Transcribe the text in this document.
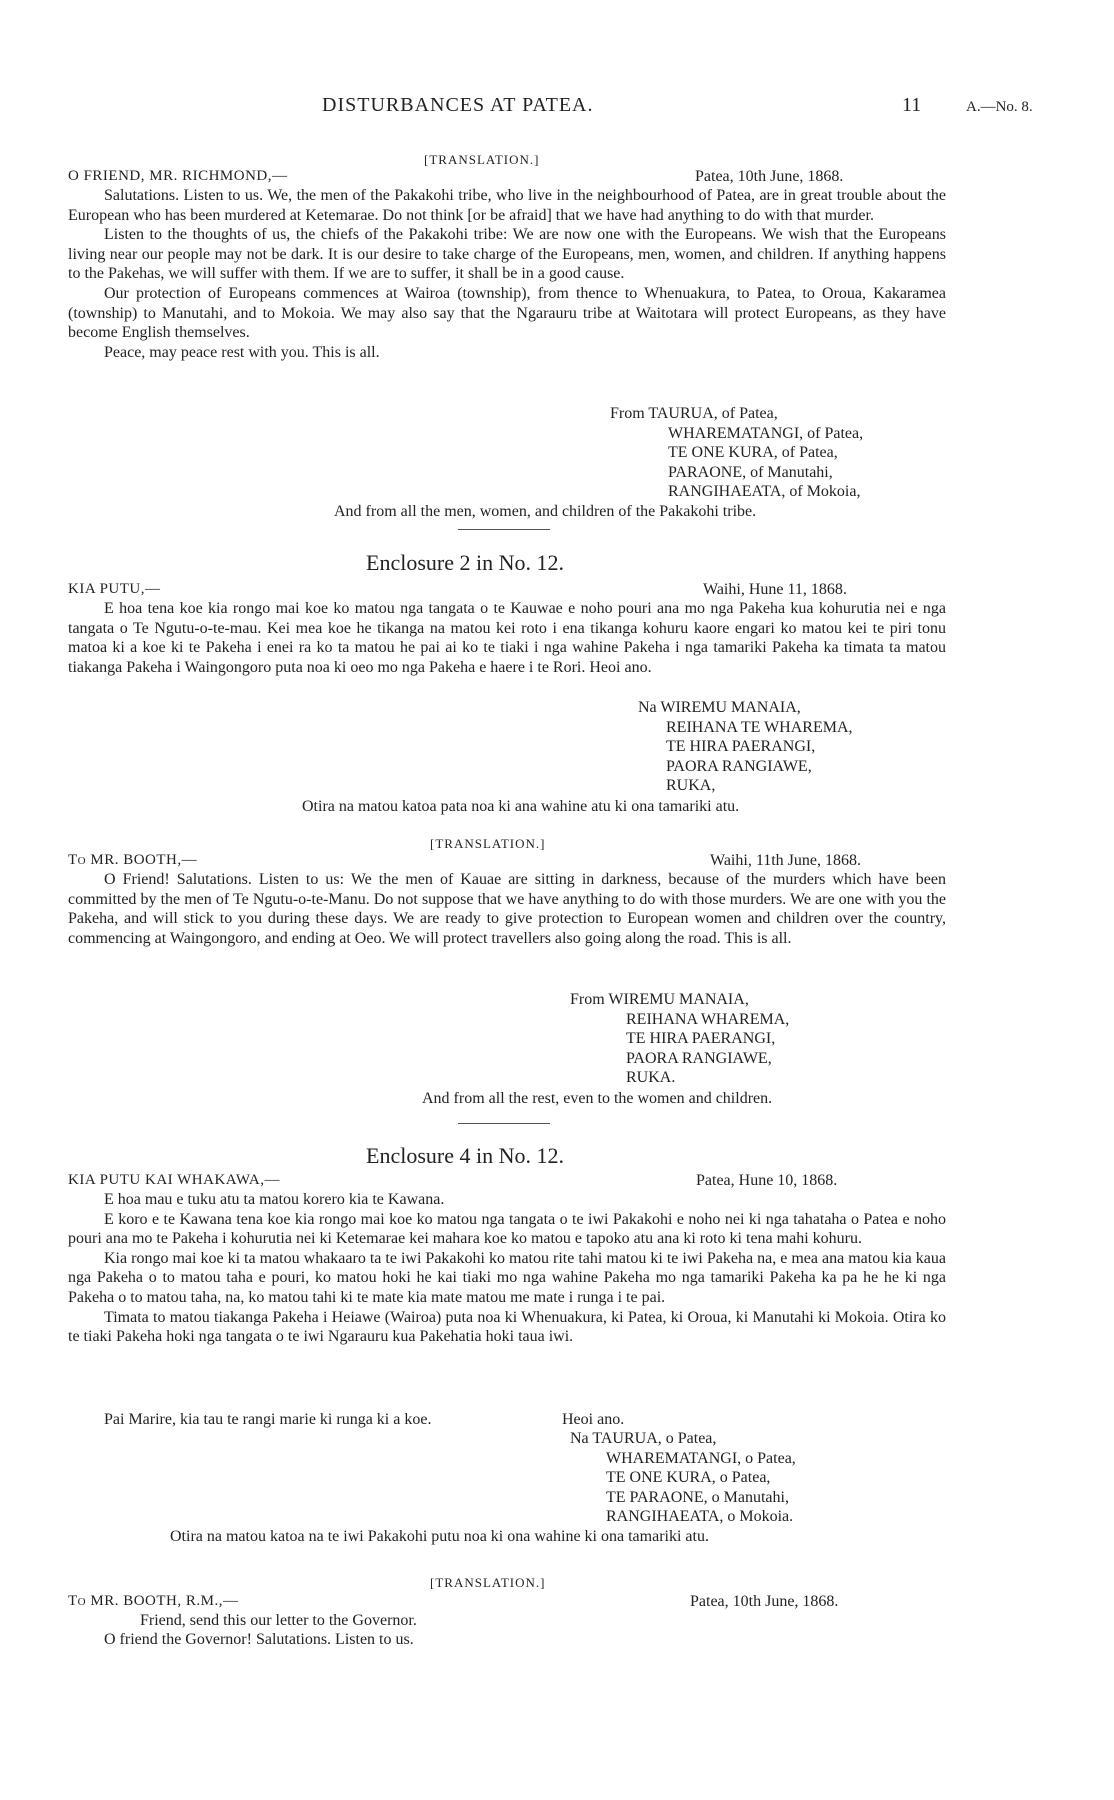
DISTURBANCES AT PATEA.	11	A.—No. 8.
[TRANSLATION.]
O FRIEND, MR. RICHMOND,—	Patea, 10th June, 1868.

Salutations. Listen to us. We, the men of the Pakakohi tribe, who live in the neighbourhood of Patea, are in great trouble about the European who has been murdered at Ketemarae. Do not think [or be afraid] that we have had anything to do with that murder.

Listen to the thoughts of us, the chiefs of the Pakakohi tribe: We are now one with the Europeans. We wish that the Europeans living near our people may not be dark. It is our desire to take charge of the Europeans, men, women, and children. If anything happens to the Pakehas, we will suffer with them. If we are to suffer, it shall be in a good cause.

Our protection of Europeans commences at Wairoa (township), from thence to Whenuakura, to Patea, to Oroua, Kakaramea (township) to Manutahi, and to Mokoia. We may also say that the Ngarauru tribe at Waitotara will protect Europeans, as they have become English themselves.

Peace, may peace rest with you. This is all.

From TAURUA, of Patea,
WHAREMATANGI, of Patea,
TE ONE KURA, of Patea,
PARAONE, of Manutahi,
RANGIHAEATA, of Mokoia,
And from all the men, women, and children of the Pakakohi tribe.
Enclosure 2 in No. 12.
KIA PUTU,—	Waihi, Hune 11, 1868.

E hoa tena koe kia rongo mai koe ko matou nga tangata o te Kauwae e noho pouri ana mo nga Pakeha kua kohurutia nei e nga tangata o Te Ngutu-o-te-mau. Kei mea koe he tikanga na matou kei roto i ena tikanga kohuru kaore engari ko matou kei te piri tonu matoa ki a koe ki te Pakeha i enei ra ko ta matou he pai ai ko te tiaki i nga wahine Pakeha i nga tamariki Pakeha ka timata ta matou tiakanga Pakeha i Waingongoro puta noa ki oeo mo nga Pakeha e haere i te Rori. Heoi ano.

Na WIREMU MANAIA,
REIHANA TE WHAREMA,
TE HIRA PAERANGI,
PAORA RANGIAWE,
RUKA,
Otira na matou katoa pata noa ki ana wahine atu ki ona tamariki atu.
[TRANSLATION.]
To MR. BOOTH,—	Waihi, 11th June, 1868.

O Friend! Salutations. Listen to us: We the men of Kauae are sitting in darkness, because of the murders which have been committed by the men of Te Ngutu-o-te-Manu. Do not suppose that we have anything to do with those murders. We are one with you the Pakeha, and will stick to you during these days. We are ready to give protection to European women and children over the country, commencing at Waingongoro, and ending at Oeo. We will protect travellers also going along the road. This is all.

From WIREMU MANAIA,
REIHANA WHAREMA,
TE HIRA PAERANGI,
PAORA RANGIAWE,
RUKA.
And from all the rest, even to the women and children.
Enclosure 4 in No. 12.
KIA PUTU KAI WHAKAWA,—	Patea, Hune 10, 1868.

E hoa mau e tuku atu ta matou korero kia te Kawana.

E koro e te Kawana tena koe kia rongo mai koe ko matou nga tangata o te iwi Pakakohi e noho nei ki nga tahataha o Patea e noho pouri ana mo te Pakeha i kohurutia nei ki Ketemarae kei mahara koe ko matou e tapoko atu ana ki roto ki tena mahi kohuru.

Kia rongo mai koe ki ta matou whakaaro ta te iwi Pakakohi ko matou rite tahi matou ki te iwi Pakeha na, e mea ana matou kia kaua nga Pakeha o to matou taha e pouri, ko matou hoki he kai tiaki mo nga wahine Pakeha mo nga tamariki Pakeha ka pa he he ki nga Pakeha o to matou taha, na, ko matou tahi ki te mate kia mate matou me mate i runga i te pai.

Timata to matou tiakanga Pakeha i Heiawe (Wairoa) puta noa ki Whenuakura, ki Patea, ki Oroua, ki Manutahi ki Mokoia. Otira ko te tiaki Pakeha hoki nga tangata o te iwi Ngarauru kua Pakehatia hoki taua iwi.

Pai Marire, kia tau te rangi marie ki runga ki a koe.	Heoi ano.
Na TAURUA, o Patea,
WHAREMATANGI, o Patea,
TE ONE KURA, o Patea,
TE PARAONE, o Manutahi,
RANGIHAEATA, o Mokoia.
Otira na matou katoa na te iwi Pakakohi putu noa ki ona wahine ki ona tamariki atu.
[TRANSLATION.]
To MR. BOOTH, R.M.,—	Patea, 10th June, 1868.
Friend, send this our letter to the Governor.
O friend the Governor! Salutations. Listen to us.
